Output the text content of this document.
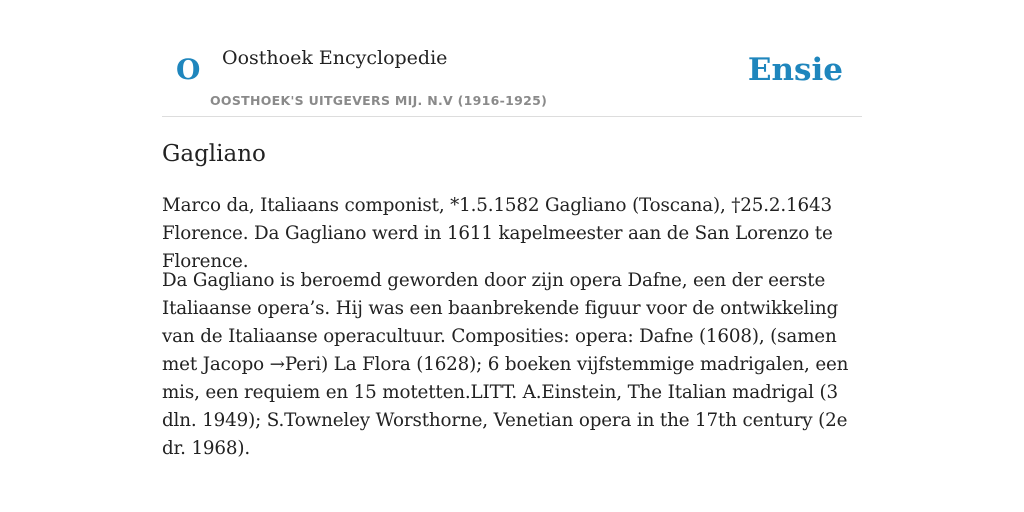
O Oosthoek Encyclopedie
OOSTHOEK'S UITGEVERS MIJ. N.V (1916-1925)
Ensie
Gagliano

Marco da, Italiaans componist, *1.5.1582 Gagliano (Toscana), †25.2.1643 Florence. Da Gagliano werd in 1611 kapelmeester aan de San Lorenzo te Florence.

Da Gagliano is beroemd geworden door zijn opera Dafne, een der eerste Italiaanse opera’s. Hij was een baanbrekende figuur voor de ontwikkeling van de Italiaanse operacultuur. Composities: opera: Dafne (1608), (samen met Jacopo →Peri) La Flora (1628); 6 boeken vijfstemmige madrigalen, een mis, een requiem en 15 motetten.LITT. A.Einstein, The Italian madrigal (3 dln. 1949); S.Towneley Worsthorne, Venetian opera in the 17th century (2e dr. 1968).
